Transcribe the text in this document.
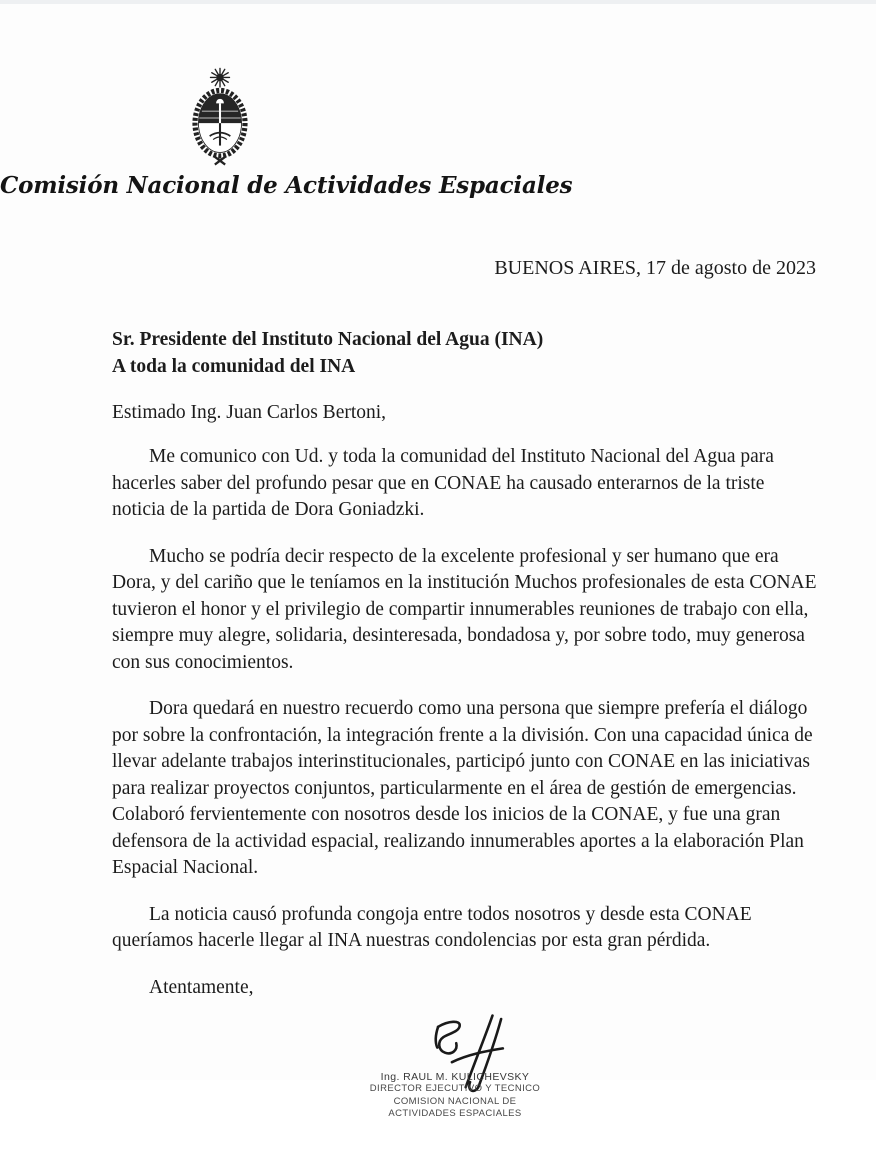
Comisión Nacional de Actividades Espaciales
BUENOS AIRES, 17 de agosto de 2023
Sr. Presidente del Instituto Nacional del Agua (INA)
A toda la comunidad del INA
Estimado Ing. Juan Carlos Bertoni,

Me comunico con Ud. y toda la comunidad del Instituto Nacional del Agua para hacerles saber del profundo pesar que en CONAE ha causado enterarnos de la triste noticia de la partida de Dora Goniadzki.

Mucho se podría decir respecto de la excelente profesional y ser humano que era Dora, y del cariño que le teníamos en la institución Muchos profesionales de esta CONAE tuvieron el honor y el privilegio de compartir innumerables reuniones de trabajo con ella, siempre muy alegre, solidaria, desinteresada, bondadosa y, por sobre todo, muy generosa con sus conocimientos.

Dora quedará en nuestro recuerdo como una persona que siempre prefería el diálogo por sobre la confrontación, la integración frente a la división. Con una capacidad única de llevar adelante trabajos interinstitucionales, participó junto con CONAE en las iniciativas para realizar proyectos conjuntos, particularmente en el área de gestión de emergencias. Colaboró fervientemente con nosotros desde los inicios de la CONAE, y fue una gran defensora de la actividad espacial, realizando innumerables aportes a la elaboración Plan Espacial Nacional.

La noticia causó profunda congoja entre todos nosotros y desde esta CONAE queríamos hacerle llegar al INA nuestras condolencias por esta gran pérdida.

Atentamente,
Ing. RAUL M. KULICHEVSKY
DIRECTOR EJECUTIVO Y TECNICO
COMISION NACIONAL DE
ACTIVIDADES ESPACIALES
